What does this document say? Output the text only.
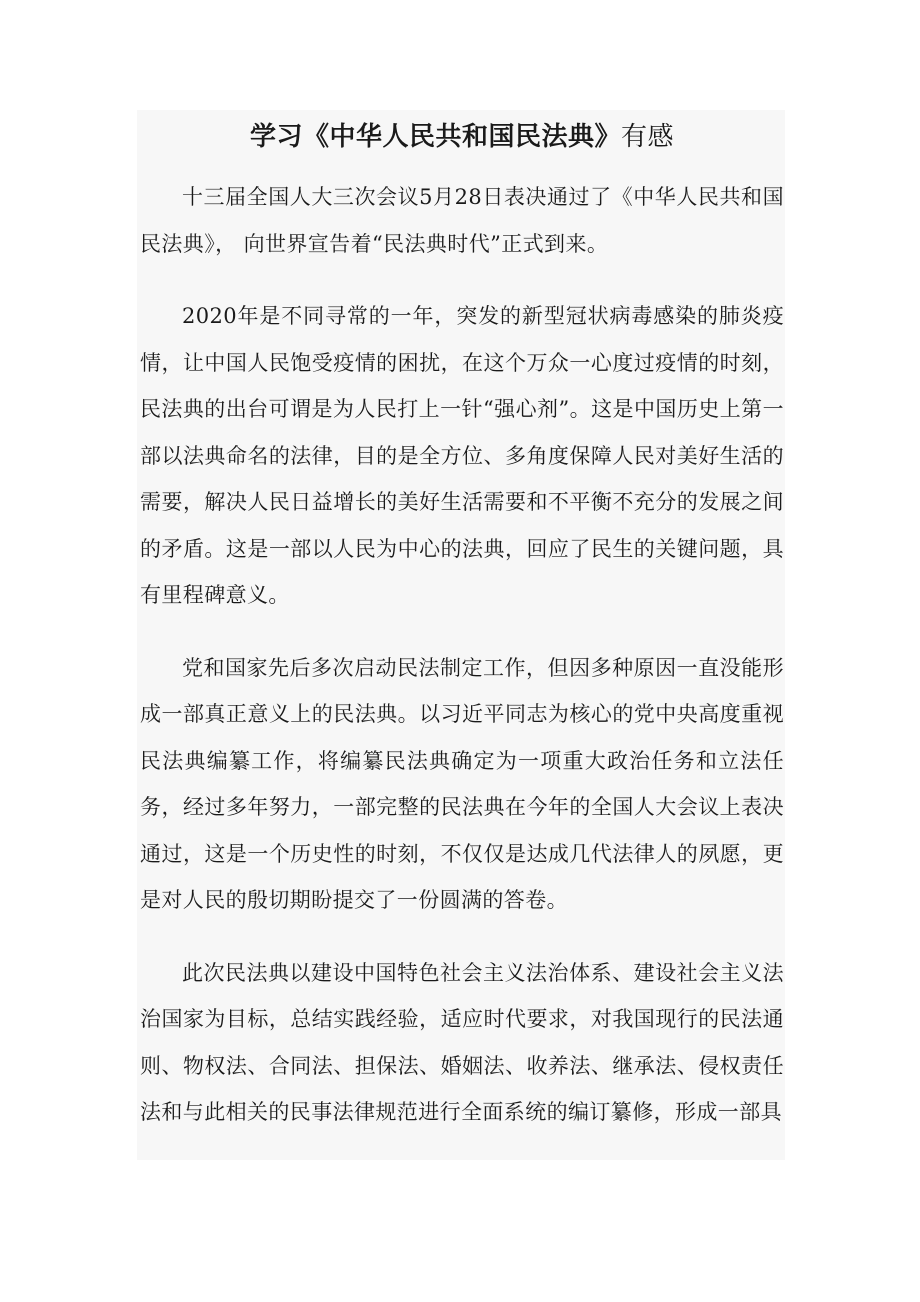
学习《中华人民共和国民法典》有感

十三届全国人大三次会议5月28日表决通过了《中华人民共和国民法典》， 向世界宣告着“民法典时代”正式到来。

2020年是不同寻常的一年，突发的新型冠状病毒感染的肺炎疫情，让中国人民饱受疫情的困扰，在这个万众一心度过疫情的时刻，民法典的出台可谓是为人民打上一针“强心剂”。这是中国历史上第一部以法典命名的法律，目的是全方位、多角度保障人民对美好生活的需要，解决人民日益增长的美好生活需要和不平衡不充分的发展之间的矛盾。这是一部以人民为中心的法典，回应了民生的关键问题，具有里程碑意义。

党和国家先后多次启动民法制定工作，但因多种原因一直没能形成一部真正意义上的民法典。以习近平同志为核心的党中央高度重视民法典编纂工作，将编纂民法典确定为一项重大政治任务和立法任务，经过多年努力，一部完整的民法典在今年的全国人大会议上表决通过，这是一个历史性的时刻，不仅仅是达成几代法律人的夙愿，更是对人民的殷切期盼提交了一份圆满的答卷。

此次民法典以建设中国特色社会主义法治体系、建设社会主义法治国家为目标，总结实践经验，适应时代要求，对我国现行的民法通则、物权法、合同法、担保法、婚姻法、收养法、继承法、侵权责任法和与此相关的民事法律规范进行全面系统的编订纂修，形成一部具
